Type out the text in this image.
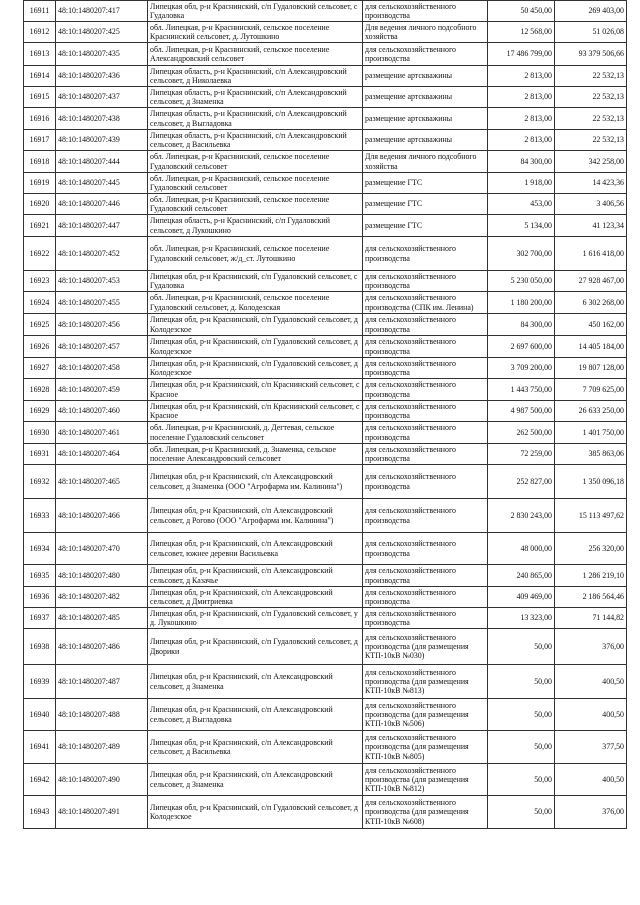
16911	48:10:1480207:417	Липецкая обл, р-н Краснинский, с/п Гудаловский сельсовет, с Гудаловка	для сельскохозяйственного производства	50 450,00	269 403,00
16912	48:10:1480207:425	обл. Липецкая, р-н Краснинский, сельское поселение Краснинский сельсовет, д. Лутошкино	Для ведения личного подсобного хозяйства	12 568,00	51 026,08
16913	48:10:1480207:435	обл. Липецкая, р-н Краснинский, сельское поселение Александровский сельсовет	для сельскохозяйственного производства	17 486 799,00	93 379 506,66
16914	48:10:1480207:436	Липецкая область, р-н Краснинский, с/п Александровский сельсовет, д Николаевка	размещение артскважины	2 813,00	22 532,13
16915	48:10:1480207:437	Липецкая область, р-н Краснинский, с/п Александровский сельсовет, д Знаменка	размещение артскважины	2 813,00	22 532,13
16916	48:10:1480207:438	Липецкая область, р-н Краснинский, с/п Александровский сельсовет, д Выгладовка	размещение артскважины	2 813,00	22 532,13
16917	48:10:1480207:439	Липецкая область, р-н Краснинский, с/п Александровский сельсовет, д Васильевка	размещение артскважины	2 813,00	22 532,13
16918	48:10:1480207:444	обл. Липецкая, р-н Краснинский, сельское поселение Гудаловский сельсовет	Для ведения личного подсобного хозяйства	84 300,00	342 258,00
16919	48:10:1480207:445	обл. Липецкая, р-н Краснинский, сельское поселение Гудаловский сельсовет	размещение ГТС	1 918,00	14 423,36
16920	48:10:1480207:446	обл. Липецкая, р-н Краснинский, сельское поселение Гудаловский сельсовет	размещение ГТС	453,00	3 406,56
16921	48:10:1480207:447	Липецкая область, р-н Краснинский, с/п Гудаловский сельсовет, д Лукошкино	размещение ГТС	5 134,00	41 123,34
16922	48:10:1480207:452	обл. Липецкая, р-н Краснинский, сельское поселение Гудаловский сельсовет, ж/д_ст. Лутошкино	для сельскохозяйственного производства	302 700,00	1 616 418,00
16923	48:10:1480207:453	Липецкая обл, р-н Краснинский, с/п Гудаловский сельсовет, с Гудаловка	для сельскохозяйственного производства	5 230 050,00	27 928 467,00
16924	48:10:1480207:455	обл. Липецкая, р-н Краснинский, сельское поселение Гудаловский сельсовет, д. Колодезская	для сельскохозяйственного производства (СПК им. Ленина)	1 180 200,00	6 302 268,00
16925	48:10:1480207:456	Липецкая обл, р-н Краснинский, с/п Гудаловский сельсовет, д Колодезское	для сельскохозяйственного производства	84 300,00	450 162,00
16926	48:10:1480207:457	Липецкая обл, р-н Краснинский, с/п Гудаловский сельсовет, д Колодезское	для сельскохозяйственного производства	2 697 600,00	14 405 184,00
16927	48:10:1480207:458	Липецкая обл, р-н Краснинский, с/п Гудаловский сельсовет, д Колодезское	для сельскохозяйственного производства	3 709 200,00	19 807 128,00
16928	48:10:1480207:459	Липецкая обл, р-н Краснинский, с/п Краснинский сельсовет, с Красное	для сельскохозяйственного производства	1 443 750,00	7 709 625,00
16929	48:10:1480207:460	Липецкая обл, р-н Краснинский, с/п Краснинский сельсовет, с Красное	для сельскохозяйственного производства	4 987 500,00	26 633 250,00
16930	48:10:1480207:461	обл. Липецкая, р-н Краснинский, д. Дегтевая, сельское поселение Гудаловский сельсовет	для сельскохозяйственного производства	262 500,00	1 401 750,00
16931	48:10:1480207:464	обл. Липецкая, р-н Краснинский, д. Знаменка, сельское поселение Александровский сельсовет	для сельскохозяйственного производства	72 259,00	385 863,06
16932	48:10:1480207:465	Липецкая обл, р-н Краснинский, с/п Александровский сельсовет, д Знаменка (ООО "Агрофарма им. Калинина")	для сельскохозяйственного производства	252 827,00	1 350 096,18
16933	48:10:1480207:466	Липецкая обл, р-н Краснинский, с/п Александровский сельсовет, д Рогово (ООО "Агрофарма им. Калинина")	для сельскохозяйственного производства	2 830 243,00	15 113 497,62
16934	48:10:1480207:470	Липецкая обл, р-н Краснинский, с/п Александровский сельсовет, южнее деревни Васильевка	для сельскохозяйственного производства	48 000,00	256 320,00
16935	48:10:1480207:480	Липецкая обл, р-н Краснинский, с/п Александровский сельсовет, д Казачье	для сельскохозяйственного производства	240 865,00	1 286 219,10
16936	48:10:1480207:482	Липецкая обл, р-н Краснинский, с/п Александровский сельсовет, д Дмитриевка	для сельскохозяйственного производства	409 469,00	2 186 564,46
16937	48:10:1480207:485	Липецкая обл, р-н Краснинский, с/п Гудаловский сельсовет, у д. Лукошкино	для сельскохозяйственного производства	13 323,00	71 144,82
16938	48:10:1480207:486	Липецкая обл, р-н Краснинский, с/п Гудаловский сельсовет, д Дворики	для сельскохозяйственного производства (для размещения КТП-10кВ №030)	50,00	376,00
16939	48:10:1480207:487	Липецкая обл, р-н Краснинский, с/п Александровский сельсовет, д Знаменка	для сельскохозяйственного производства (для размещения КТП-10кВ №813)	50,00	400,50
16940	48:10:1480207:488	Липецкая обл, р-н Краснинский, с/п Александровский сельсовет, д Выгладовка	для сельскохозяйственного производства (для размещения КТП-10кВ №506)	50,00	400,50
16941	48:10:1480207:489	Липецкая обл, р-н Краснинский, с/п Александровский сельсовет, д Васильевка	для сельскохозяйственного производства (для размещения КТП-10кВ №805)	50,00	377,50
16942	48:10:1480207:490	Липецкая обл, р-н Краснинский, с/п Александровский сельсовет, д Знаменка	для сельскохозяйственного производства (для размещения КТП-10кВ №812)	50,00	400,50
16943	48:10:1480207:491	Липецкая обл, р-н Краснинский, с/п Гудаловский сельсовет, д Колодезское	для сельскохозяйственного производства (для размещения КТП-10кВ №608)	50,00	376,00
